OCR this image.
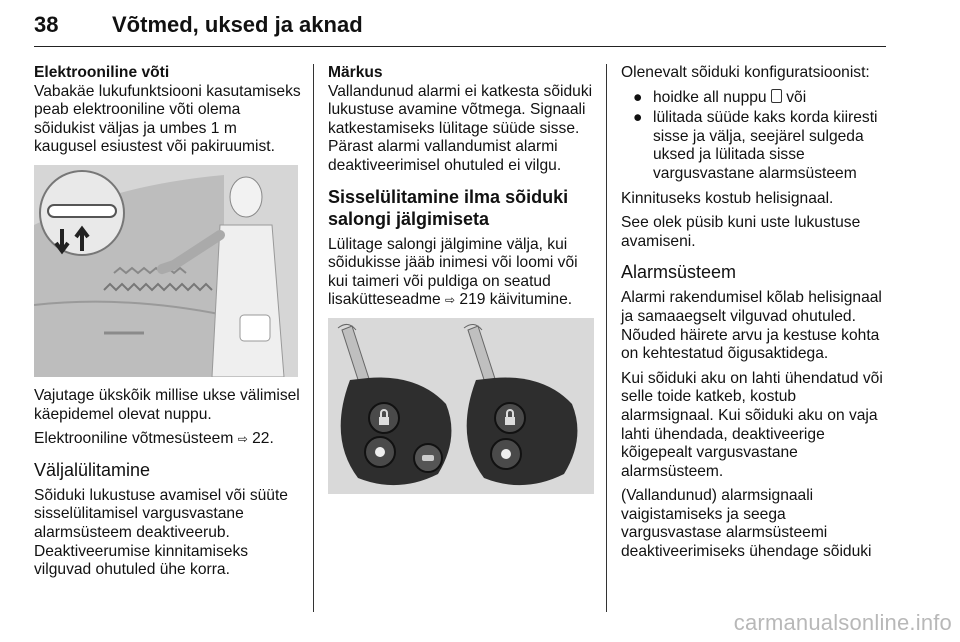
38 Võtmed, uksed ja aknad
Elektrooniline võti

Vabakäe lukufunktsiooni kasutamiseks peab elektrooniline võti olema sõidukist väljas ja umbes 1 m kaugusel esiustest või pakiruumist.

Vajutage ükskõik millise ukse välimisel käepidemel olevat nuppu.

Elektrooniline võtmesüsteem ⇨ 22.

Väljalülitamine

Sõiduki lukustuse avamisel või süüte sisselülitamisel vargusvastane alarmsüsteem deaktiveerub. Deaktiveerumise kinnitamiseks vilguvad ohutuled ühe korra.

Märkus

Vallandunud alarmi ei katkesta sõiduki lukustuse avamine võtmega. Signaali katkestamiseks lülitage süüde sisse. Pärast alarmi vallandumist alarmi deaktiveerimisel ohutuled ei vilgu.

Sisselülitamine ilma sõiduki salongi jälgimiseta

Lülitage salongi jälgimine välja, kui sõidukisse jääb inimesi või loomi või kui taimeri või puldiga on seatud lisakütteseadme ⇨ 219 käivitumine.

Olenevalt sõiduki konfiguratsioonist:

● hoidke all nuppu  või
● lülitada süüde kaks korda kiiresti sisse ja välja, seejärel sulgeda uksed ja lülitada sisse vargusvastane alarmsüsteem

Kinnituseks kostub helisignaal.

See olek püsib kuni uste lukustuse avamiseni.

Alarmsüsteem

Alarmi rakendumisel kõlab helisignaal ja samaaegselt vilguvad ohutuled. Nõuded häirete arvu ja kestuse kohta on kehtestatud õigusaktidega.

Kui sõiduki aku on lahti ühendatud või selle toide katkeb, kostub alarmsignaal. Kui sõiduki aku on vaja lahti ühendada, deaktiveerige kõigepealt vargusvastane alarmsüsteem.

(Vallandunud) alarmsignaali vaigistamiseks ja seega vargusvastase alarmsüsteemi deaktiveerimiseks ühendage sõiduki

carmanualsonline.info
